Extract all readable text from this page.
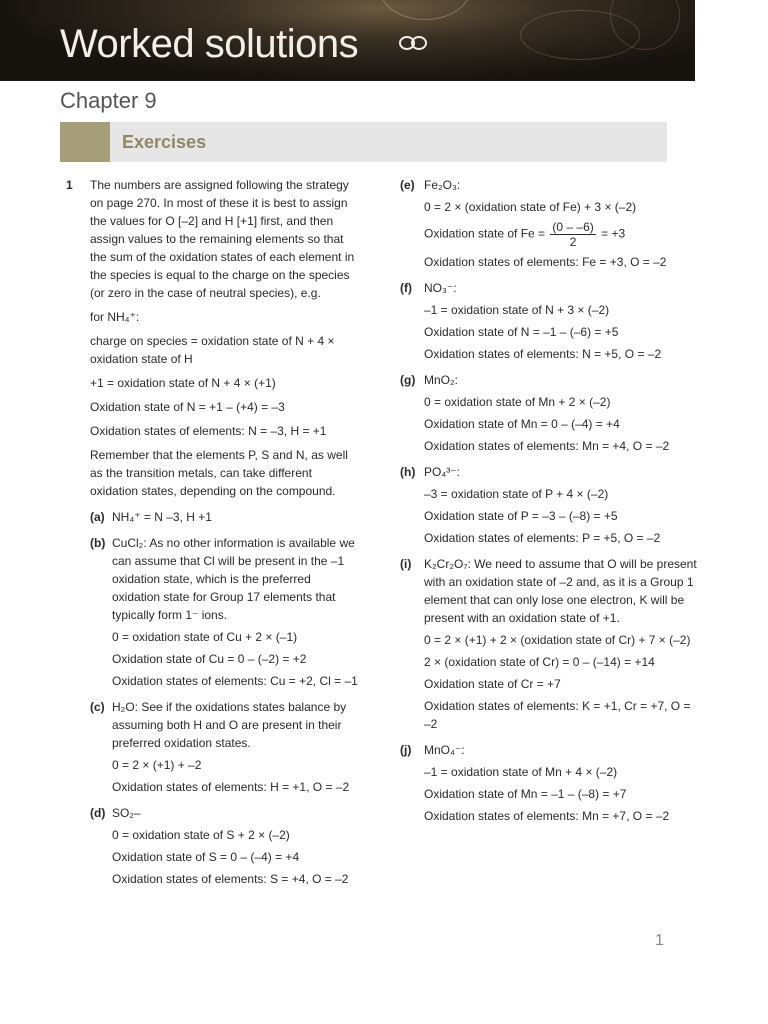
Worked solutions
Chapter 9
Exercises
1 The numbers are assigned following the strategy on page 270. In most of these it is best to assign the values for O [–2] and H [+1] first, and then assign values to the remaining elements so that the sum of the oxidation states of each element in the species is equal to the charge on the species (or zero in the case of neutral species), e.g.
for NH₄⁺:
charge on species = oxidation state of N + 4 × oxidation state of H
+1 = oxidation state of N + 4 × (+1)
Oxidation state of N = +1 – (+4) = –3
Oxidation states of elements: N = –3, H = +1
Remember that the elements P, S and N, as well as the transition metals, can take different oxidation states, depending on the compound.
(a) NH₄⁺ = N –3, H +1
(b) CuCl₂: As no other information is available we can assume that Cl will be present in the –1 oxidation state, which is the preferred oxidation state for Group 17 elements that typically form 1⁻ ions.
0 = oxidation state of Cu + 2 × (–1)
Oxidation state of Cu = 0 – (–2) = +2
Oxidation states of elements: Cu = +2, Cl = –1
(c) H₂O: See if the oxidations states balance by assuming both H and O are present in their preferred oxidation states.
0 = 2 × (+1) + –2
Oxidation states of elements: H = +1, O = –2
(d) SO₂–
0 = oxidation state of S + 2 × (–2)
Oxidation state of S = 0 – (–4) = +4
Oxidation states of elements: S = +4, O = –2
(e) Fe₂O₃:
0 = 2 × (oxidation state of Fe) + 3 × (–2)
Oxidation state of $Fe = \frac{(0 - -6)}{2} = +3$
Oxidation states of elements: Fe = +3, O = –2
(f) NO₃⁻:
–1 = oxidation state of N + 3 × (–2)
Oxidation state of N = –1 – (–6) = +5
Oxidation states of elements: N = +5, O = –2
(g) MnO₂:
0 = oxidation state of Mn + 2 × (–2)
Oxidation state of Mn = 0 – (–4) = +4
Oxidation states of elements: Mn = +4, O = –2
(h) PO₄³⁻:
–3 = oxidation state of P + 4 × (–2)
Oxidation state of P = –3 – (–8) = +5
Oxidation states of elements: P = +5, O = –2
(i) K₂Cr₂O₇: We need to assume that O will be present with an oxidation state of –2 and, as it is a Group 1 element that can only lose one electron, K will be present with an oxidation state of +1.
0 = 2 × (+1) + 2 × (oxidation state of Cr) + 7 × (–2)
2 × (oxidation state of Cr) = 0 – (–14) = +14
Oxidation state of Cr = +7
Oxidation states of elements: K = +1, Cr = +7, O = –2
(j) MnO₄⁻:
–1 = oxidation state of Mn + 4 × (–2)
Oxidation state of Mn = –1 – (–8) = +7
Oxidation states of elements: Mn = +7, O = –2
1
